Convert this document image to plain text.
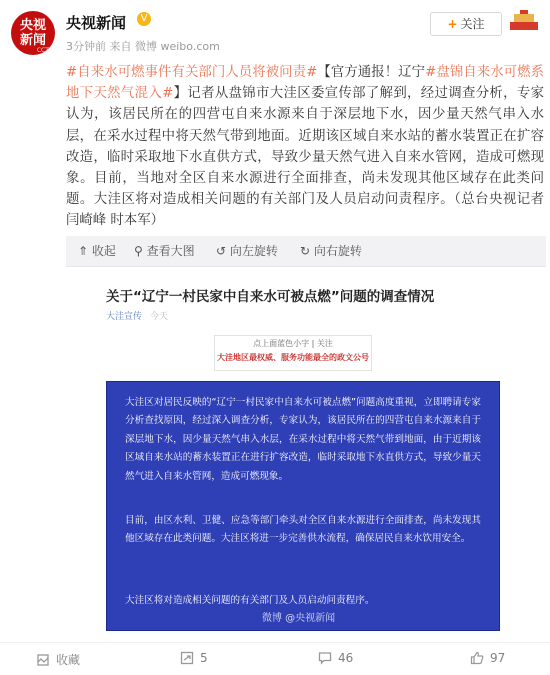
央视
新闻
CCTV
央视新闻	V
3分钟前 来自 微博 weibo.com
+ 关注
#自来水可燃事件有关部门人员将被问责#【官方通报！辽宁#盘锦自来水可燃系地下天然气混入#】记者从盘锦市大洼区委宣传部了解到，经过调查分析，专家认为，该居民所在的四营屯自来水源来自于深层地下水，因少量天然气串入水层，在采水过程中将天然气带到地面。近期该区域自来水站的蓄水装置正在扩容改造，临时采取地下水直供方式，导致少量天然气进入自来水管网，造成可燃现象。目前，当地对全区自来水源进行全面排查，尚未发现其他区域存在此类问题。大洼区将对造成相关问题的有关部门及人员启动问责程序。（总台央视记者 闫崎峰 时本军）
⇑ 收起 ⚲ 查看大图 ↺ 向左旋转 ↻ 向右旋转
关于“辽宁一村民家中自来水可被点燃”问题的调查情况
大洼宣传 今天
点上面蓝色小字 | 关注
大洼地区最权威、服务功能最全的政文公号
大洼区对居民反映的“辽宁一村民家中自来水可被点燃”问题高度重视，立即聘请专家分析查找原因，经过深入调查分析，专家认为，该居民所在的四营屯自来水源来自于深层地下水，因少量天然气串入水层，在采水过程中将天然气带到地面，由于近期该区域自来水站的蓄水装置正在进行扩容改造，临时采取地下水直供方式，导致少量天然气进入自来水管网，造成可燃现象。
目前，由区水利、卫健、应急等部门牵头对全区自来水源进行全面排查，尚未发现其他区域存在此类问题。大洼区将进一步完善供水流程，确保居民自来水饮用安全。
大洼区将对造成相关问题的有关部门及人员启动问责程序。
微博 @央视新闻
收藏	5	46	97
